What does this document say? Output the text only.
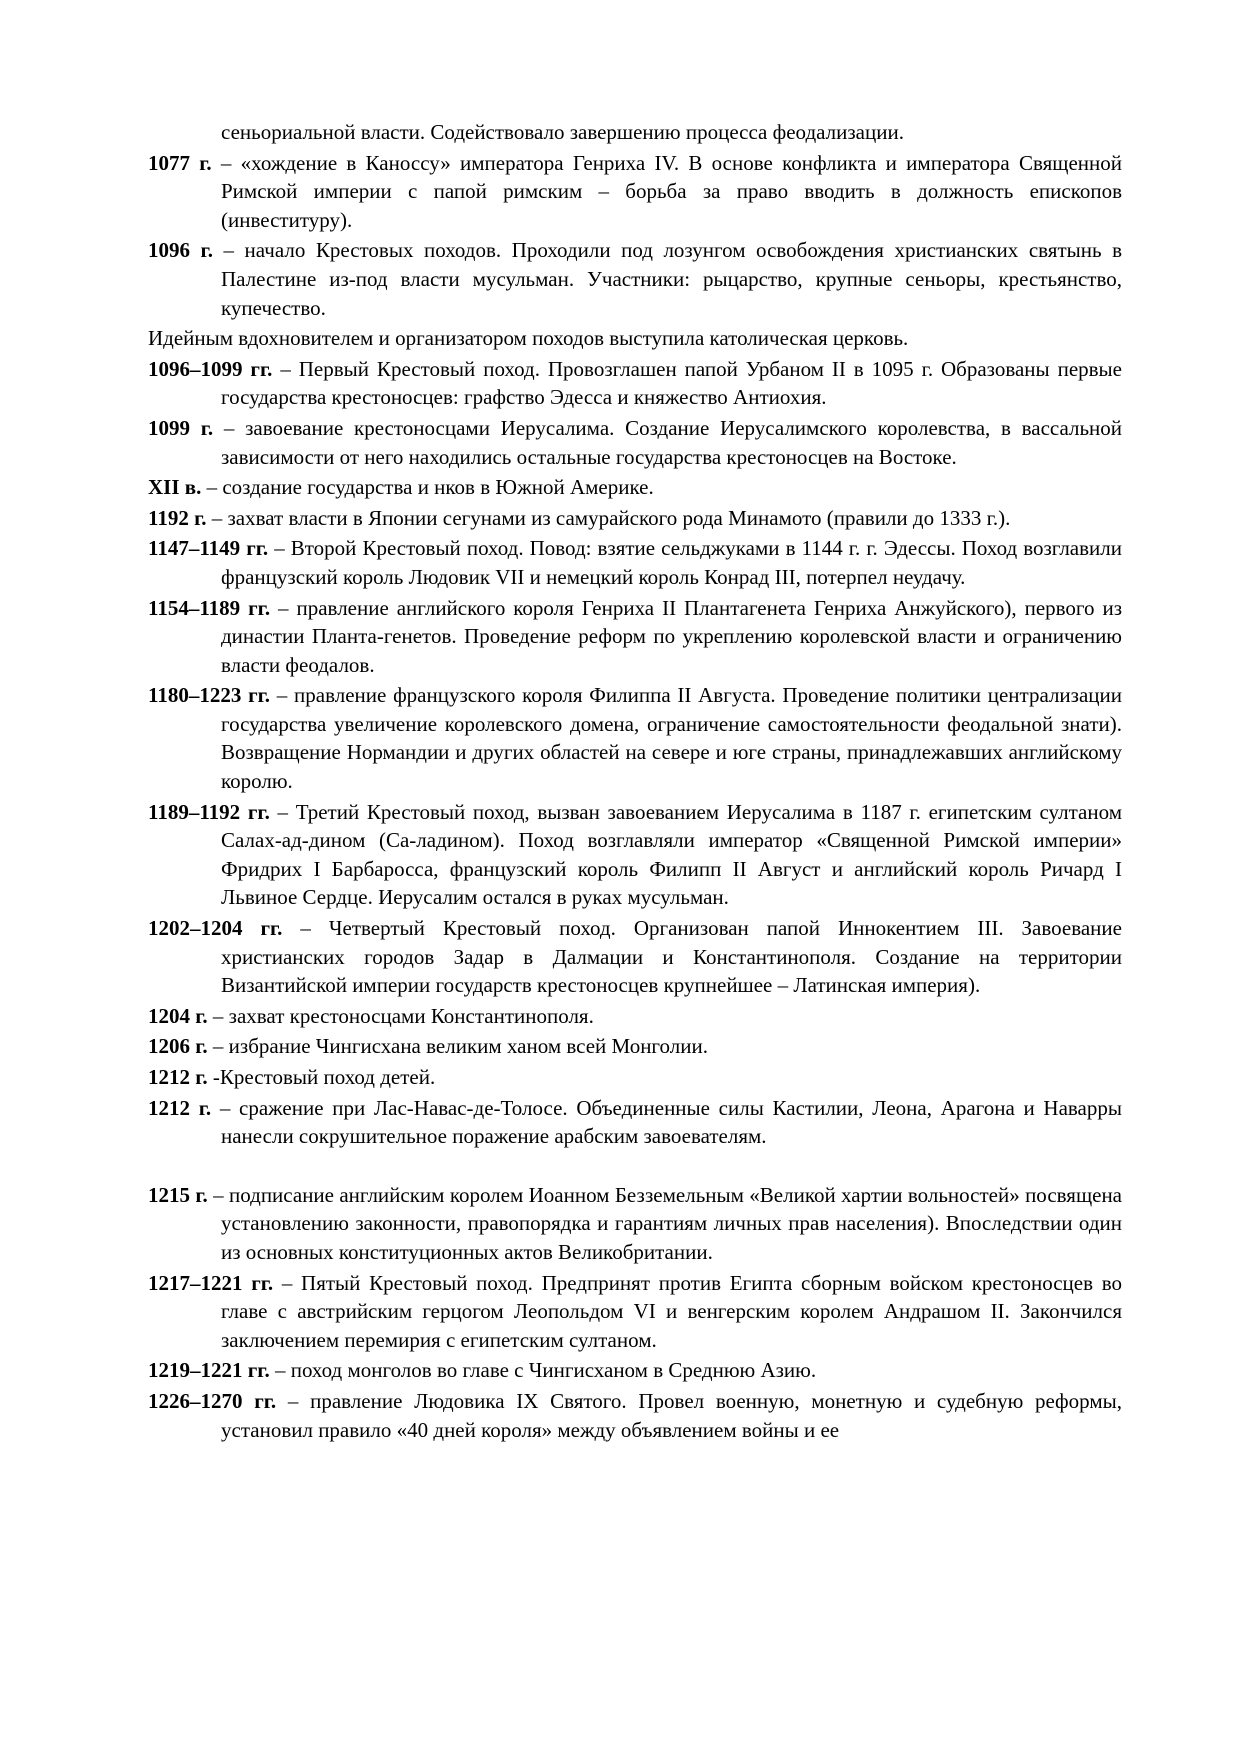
сеньориальной власти. Содействовало завершению процесса феодализации.

1077 г. – «хождение в Каноссу» императора Генриха IV. В основе конфликта и императора Священной Римской империи с папой римским – борьба за право вводить в должность епископов (инвеституру).

1096 г. – начало Крестовых походов. Проходили под лозунгом освобождения христианских святынь в Палестине из-под власти мусульман. Участники: рыцарство, крупные сеньоры, крестьянство, купечество.

Идейным вдохновителем и организатором походов выступила католическая церковь.

1096–1099 гг. – Первый Крестовый поход. Провозглашен папой Урбаном II в 1095 г. Образованы первые государства крестоносцев: графство Эдесса и княжество Антиохия.

1099 г. – завоевание крестоносцами Иерусалима. Создание Иерусалимского королевства, в вассальной зависимости от него находились остальные государства крестоносцев на Востоке.

XII в. – создание государства и нков в Южной Америке.

1192 г. – захват власти в Японии сегунами из самурайского рода Минамото (правили до 1333 г.).

1147–1149 гг. – Второй Крестовый поход. Повод: взятие сельджуками в 1144 г. г. Эдессы. Поход возглавили французский король Людовик VII и немецкий король Конрад III, потерпел неудачу.

1154–1189 гг. – правление английского короля Генриха II Плантагенета Генриха Анжуйского), первого из династии Планта-генетов. Проведение реформ по укреплению королевской власти и ограничению власти феодалов.

1180–1223 гг. – правление французского короля Филиппа II Августа. Проведение политики централизации государства увеличение королевского домена, ограничение самостоятельности феодальной знати). Возвращение Нормандии и других областей на севере и юге страны, принадлежавших английскому королю.

1189–1192 гг. – Третий Крестовый поход, вызван завоеванием Иерусалима в 1187 г. египетским султаном Салах-ад-дином (Са-ладином). Поход возглавляли император «Священной Римской империи» Фридрих I Барбаросса, французский король Филипп II Август и английский король Ричард I Львиное Сердце. Иерусалим остался в руках мусульман.

1202–1204 гг. – Четвертый Крестовый поход. Организован папой Иннокентием III. Завоевание христианских городов Задар в Далмации и Константинополя. Создание на территории Византийской империи государств крестоносцев крупнейшее – Латинская империя).

1204 г. – захват крестоносцами Константинополя.

1206 г. – избрание Чингисхана великим ханом всей Монголии.

1212 г. -Крестовый поход детей.

1212 г. – сражение при Лас-Навас-де-Толосе. Объединенные силы Кастилии, Леона, Арагона и Наварры нанесли сокрушительное поражение арабским завоевателям.

1215 г. – подписание английским королем Иоанном Безземельным «Великой хартии вольностей» посвящена установлению законности, правопорядка и гарантиям личных прав населения). Впоследствии один из основных конституционных актов Великобритании.

1217–1221 гг. – Пятый Крестовый поход. Предпринят против Египта сборным войском крестоносцев во главе с австрийским герцогом Леопольдом VI и венгерским королем Андрашом II. Закончился заключением перемирия с египетским султаном.

1219–1221 гг. – поход монголов во главе с Чингисханом в Среднюю Азию.

1226–1270 гг. – правление Людовика IX Святого. Провел военную, монетную и судебную реформы, установил правило «40 дней короля» между объявлением войны и ее
